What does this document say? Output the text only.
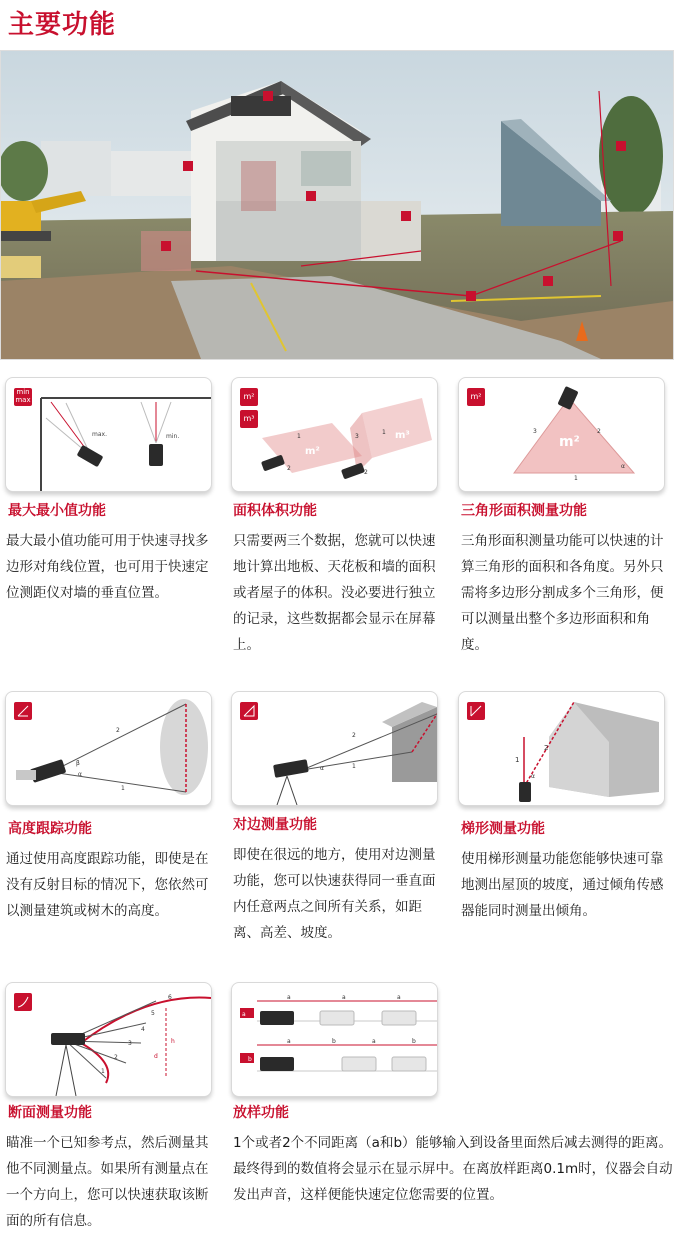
主要功能
min max
max.	min.
m²
m³
m²
m³
1
2
1
2
3
m²
m²
3	2
1
α
最大最小值功能
最大最小值功能可用于快速寻找多边形对角线位置，也可用于快速定位测距仪对墙的垂直位置。
面积体积功能
只需要两三个数据，您就可以快速地计算出地板、天花板和墙的面积或者屋子的体积。没必要进行独立的记录，这些数据都会显示在屏幕上。
三角形面积测量功能
三角形面积测量功能可以快速的计算三角形的面积和各角度。另外只需将多边形分割成多个三角形，便可以测量出整个多边形面积和角度。
2
1
β
α
2
1
α
1
2
α
高度跟踪功能
通过使用高度跟踪功能，即使是在没有反射目标的情况下，您依然可以测量建筑或树木的高度。
对边测量功能
即使在很远的地方，使用对边测量功能，您可以快速获得同一垂直面内任意两点之间所有关系，如距离、高差、坡度。
梯形测量功能
使用梯形测量功能您能够快速可靠地测出屋顶的坡度，通过倾角传感器能同时测量出倾角。
6
5
4
3
2
1
h
d
a
a	a	a
b
a	b	a	b
断面测量功能
瞄准一个已知参考点，然后测量其他不同测量点。如果所有测量点在一个方向上，您可以快速获取该断面的所有信息。
放样功能
1个或者2个不同距离（a和b）能够输入到设备里面然后减去测得的距离。最终得到的数值将会显示在显示屏中。在离放样距离0.1m时，仪器会自动发出声音，这样便能快速定位您需要的位置。
